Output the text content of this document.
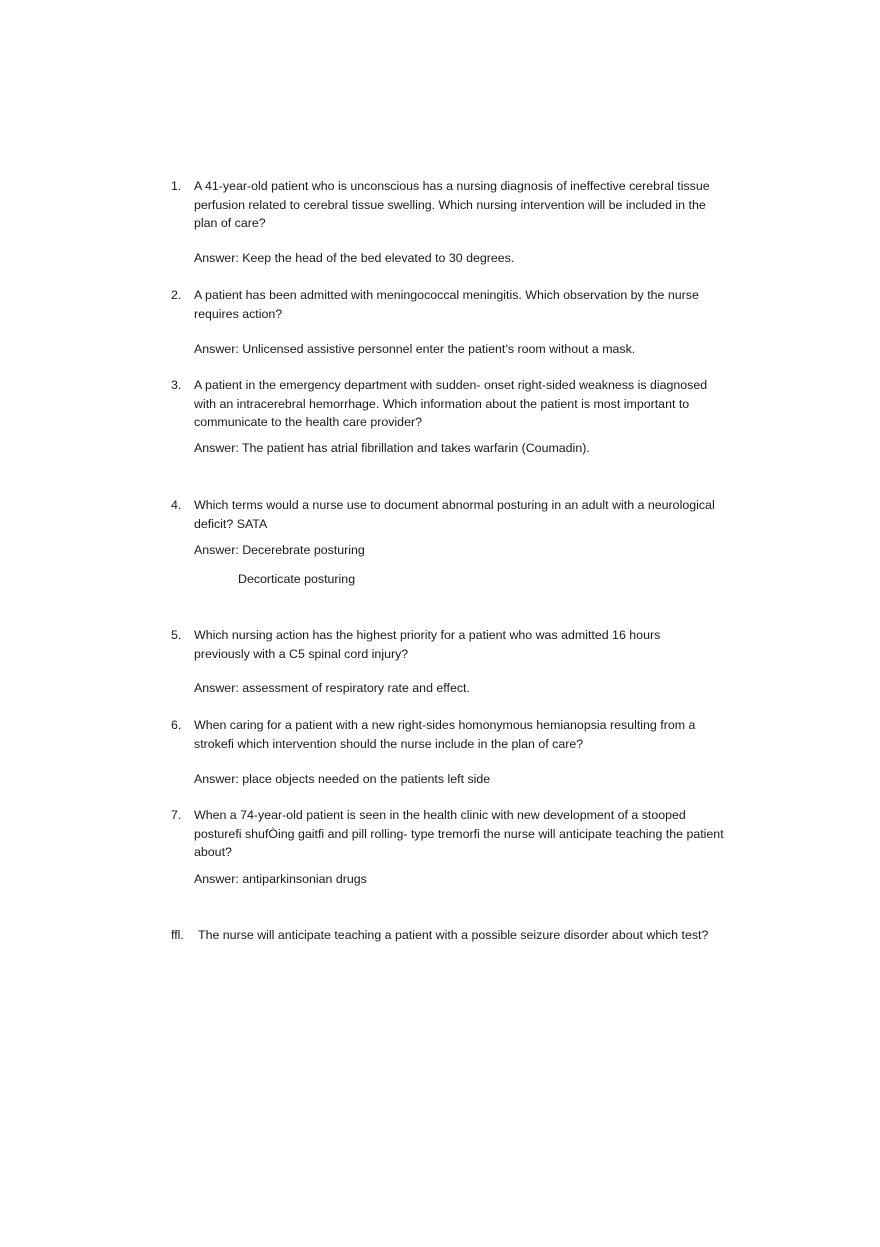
1.	A 41-year-old patient who is unconscious has a nursing diagnosis of ineffective cerebral tissue
perfusion related to cerebral tissue swelling. Which nursing intervention will be included in the
plan of care?
Answer: Keep the head of the bed elevated to 30 degrees.
2.	A patient has been admitted with meningococcal meningitis. Which observation by the nurse
requires action?
Answer: Unlicensed assistive personnel enter the patient’s room without a mask.
3.	A patient in the emergency department with sudden- onset right-sided weakness is diagnosed
with an intracerebral hemorrhage. Which information about the patient is most important to
communicate to the health care provider?
Answer: The patient has atrial fibrillation and takes warfarin (Coumadin).
4.	Which terms would a nurse use to document abnormal posturing in an adult with a neurological
deficit? SATA
Answer: Decerebrate posturing
Decorticate posturing
5.	Which nursing action has the highest priority for a patient who was admitted 16 hours
previously with a C5 spinal cord injury?
Answer: assessment of respiratory rate and effect.
6.	When caring for a patient with a new right-sides homonymous hemianopsia resulting from a
strokefi which intervention should the nurse include in the plan of care?
Answer: place objects needed on the patients left side
7.	When a 74-year-old patient is seen in the health clinic with new development of a stooped
posturefi shufÒing gaitfi and pill rolling- type tremorfi the nurse will anticipate teaching the patient
about?
Answer: antiparkinsonian drugs
ffl.	The nurse will anticipate teaching a patient with a possible seizure disorder about which test?
